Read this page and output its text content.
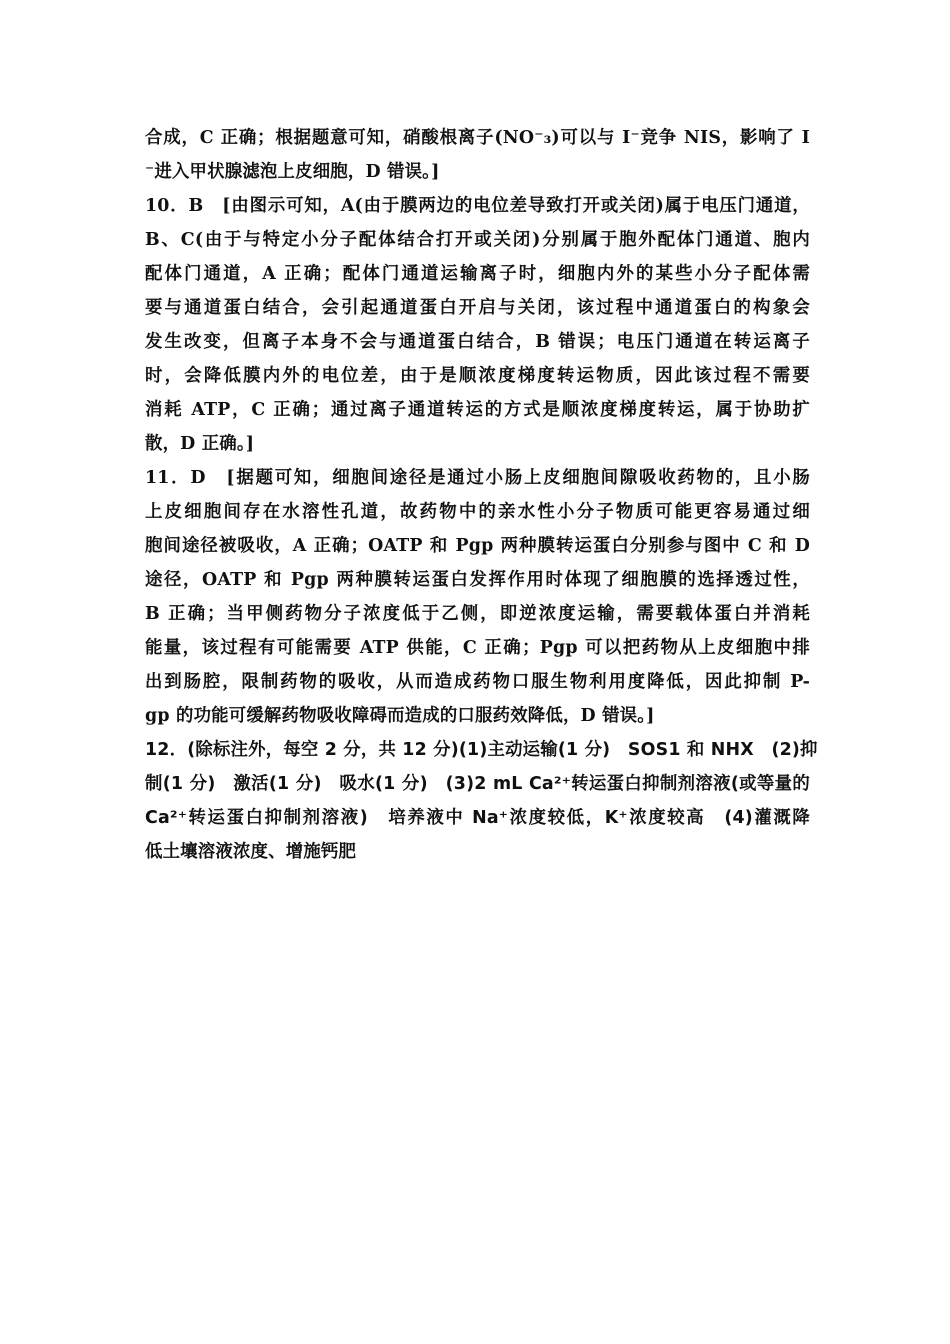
合成，C 正确；根据题意可知，硝酸根离子(NO⁻₃)可以与 I⁻竞争 NIS，影响了 I
⁻进入甲状腺滤泡上皮细胞，D 错误。]
10．B　[由图示可知，A(由于膜两边的电位差导致打开或关闭)属于电压门通道，
B、C(由于与特定小分子配体结合打开或关闭)分别属于胞外配体门通道、胞内
配体门通道，A 正确；配体门通道运输离子时，细胞内外的某些小分子配体需
要与通道蛋白结合，会引起通道蛋白开启与关闭，该过程中通道蛋白的构象会
发生改变，但离子本身不会与通道蛋白结合，B 错误；电压门通道在转运离子
时，会降低膜内外的电位差，由于是顺浓度梯度转运物质，因此该过程不需要
消耗 ATP，C 正确；通过离子通道转运的方式是顺浓度梯度转运，属于协助扩
散，D 正确。]
11．D　[据题可知，细胞间途径是通过小肠上皮细胞间隙吸收药物的，且小肠
上皮细胞间存在水溶性孔道，故药物中的亲水性小分子物质可能更容易通过细
胞间途径被吸收，A 正确；OATP 和 Pgp 两种膜转运蛋白分别参与图中 C 和 D
途径，OATP 和 Pgp 两种膜转运蛋白发挥作用时体现了细胞膜的选择透过性，
B 正确；当甲侧药物分子浓度低于乙侧，即逆浓度运输，需要载体蛋白并消耗
能量，该过程有可能需要 ATP 供能，C 正确；Pgp 可以把药物从上皮细胞中排
出到肠腔，限制药物的吸收，从而造成药物口服生物利用度降低，因此抑制 P-
gp 的功能可缓解药物吸收障碍而造成的口服药效降低，D 错误。]
12．(除标注外，每空 2 分，共 12 分)(1)主动运输(1 分)　SOS1 和 NHX　(2)抑
制(1 分)　激活(1 分)　吸水(1 分)　(3)2 mL Ca²⁺转运蛋白抑制剂溶液(或等量的
Ca²⁺转运蛋白抑制剂溶液)　培养液中 Na⁺浓度较低，K⁺浓度较高　(4)灌溉降
低土壤溶液浓度、增施钙肥
